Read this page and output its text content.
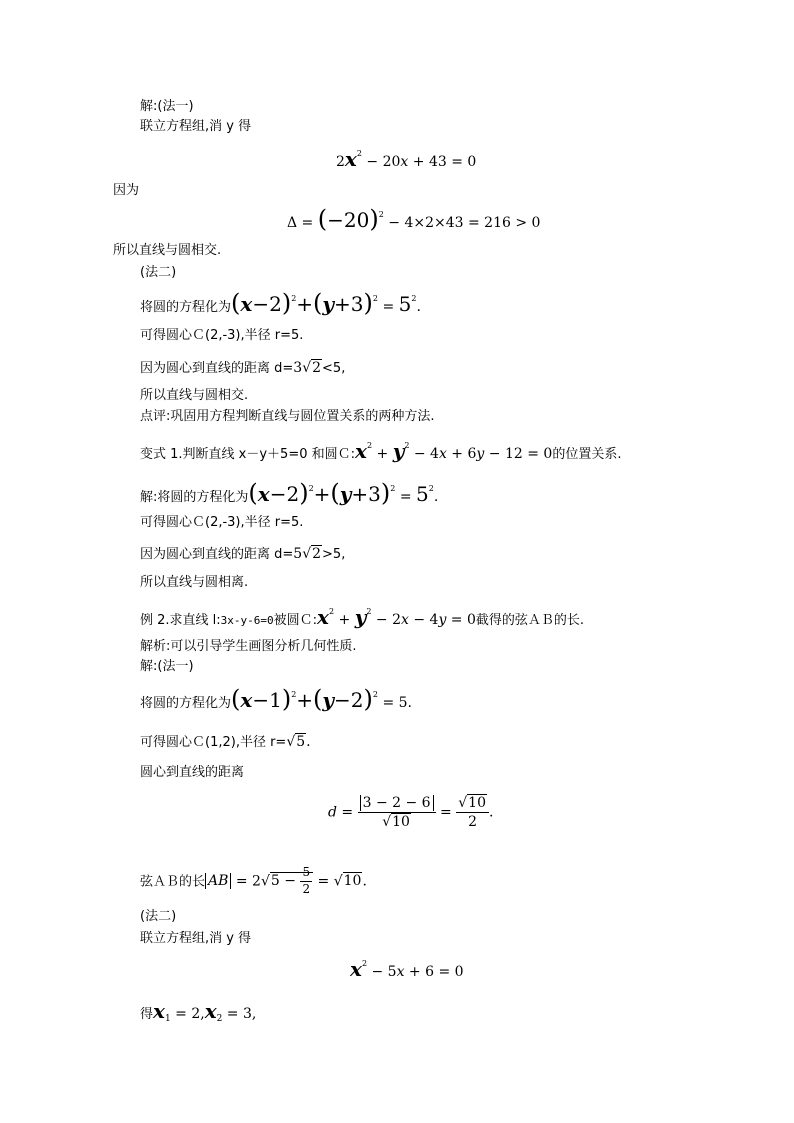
解:(法一)
联立方程组,消 y 得
$2x^2 - 20x + 43 = 0$
因为
$\Delta = (-20)^2 - 4\times 2\times 43 = 216 > 0$
所以直线与圆相交.
(法二)
将圆的方程化为$(x-2)^2+(y+3)^2 = 5^2$.
可得圆心Ｃ(2,-3),半径 r=5.
因为圆心到直线的距离 d=3√2<5,
所以直线与圆相交.
点评:巩固用方程判断直线与圆位置关系的两种方法.
变式 1.判断直线 x－y＋5=0 和圆$C:x^2 + y^2 - 4x + 6y - 12 = 0$的位置关系.
解:将圆的方程化为$(x-2)^2+(y+3)^2 = 5^2$.
可得圆心Ｃ(2,-3),半径 r=5.
因为圆心到直线的距离 d=5√2>5,
所以直线与圆相离.
例 2.求直线 l:3x-y-6=0被圆$C:x^2 + y^2 - 2x - 4y = 0$截得的弦ＡＢ的长.
解析:可以引导学生画图分析几何性质.
解:(法一)
将圆的方程化为$(x-1)^2+(y-2)^2 = 5$.
可得圆心Ｃ(1,2),半径 r=√5.
圆心到直线的距离
$d = \frac{3 - 2 - 6}{√10} = \frac{√10}{2}$ .
弦ＡＢ的长 AB = $2√5 - \frac{5}{2} = √10$.
(法二)
联立方程组,消 y 得
$x^2 - 5x + 6 = 0$
得$x_1 = 2,x_2 = 3$,
